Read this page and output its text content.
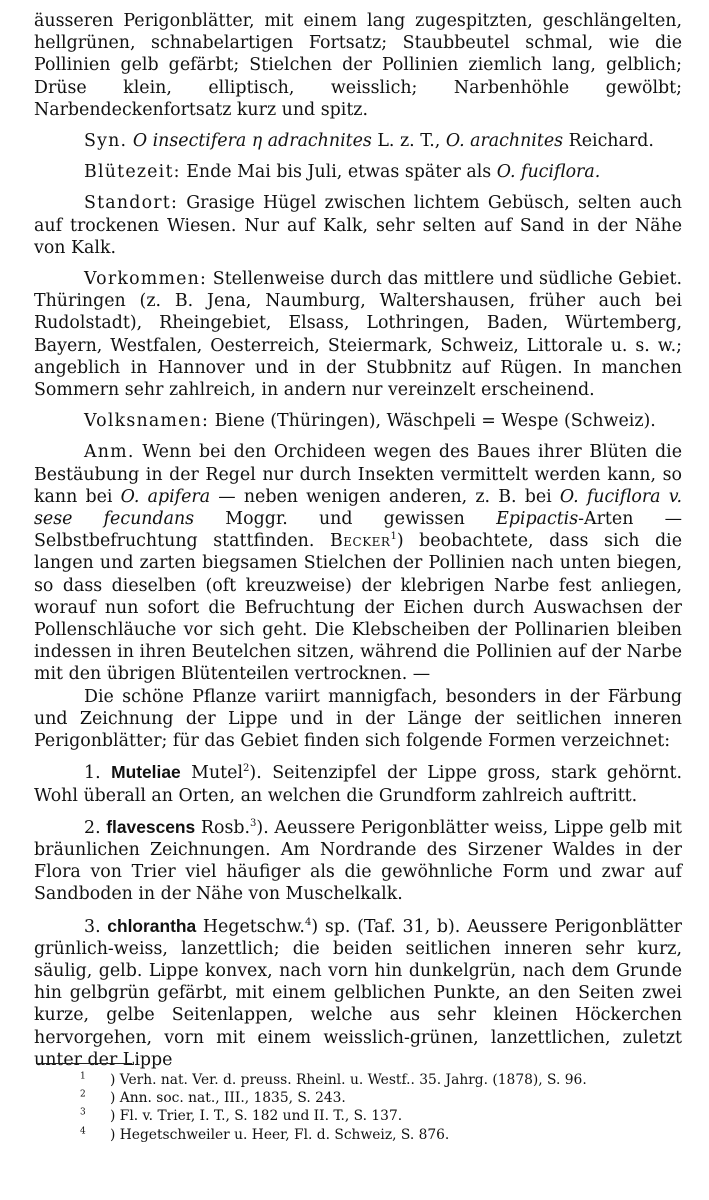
äusseren Perigonblätter, mit einem lang zugespitzten, geschlängelten, hellgrünen, schnabelartigen Fortsatz; Staubbeutel schmal, wie die Pollinien gelb gefärbt; Stielchen der Pollinien ziemlich lang, gelblich; Drüse klein, elliptisch, weisslich; Narbenhöhle gewölbt; Narbendeckenfortsatz kurz und spitz.

Syn. O insectifera η adrachnites L. z. T., O. arachnites Reichard.

Blütezeit: Ende Mai bis Juli, etwas später als O. fuciflora.

Standort: Grasige Hügel zwischen lichtem Gebüsch, selten auch auf trockenen Wiesen. Nur auf Kalk, sehr selten auf Sand in der Nähe von Kalk.

Vorkommen: Stellenweise durch das mittlere und südliche Gebiet. Thüringen (z. B. Jena, Naumburg, Waltershausen, früher auch bei Rudolstadt), Rheingebiet, Elsass, Lothringen, Baden, Würtemberg, Bayern, Westfalen, Oesterreich, Steiermark, Schweiz, Littorale u. s. w.; angeblich in Hannover und in der Stubbnitz auf Rügen. In manchen Sommern sehr zahlreich, in andern nur vereinzelt erscheinend.

Volksnamen: Biene (Thüringen), Wäschpeli = Wespe (Schweiz).

Anm. Wenn bei den Orchideen wegen des Baues ihrer Blüten die Bestäubung in der Regel nur durch Insekten vermittelt werden kann, so kann bei O. apifera — neben wenigen anderen, z. B. bei O. fuciflora v. sese fecundans Moggr. und gewissen Epipactis-Arten — Selbstbefruchtung stattfinden. Becker$^1$) beobachtete, dass sich die langen und zarten biegsamen Stielchen der Pollinien nach unten biegen, so dass dieselben (oft kreuzweise) der klebrigen Narbe fest anliegen, worauf nun sofort die Befruchtung der Eichen durch Auswachsen der Pollenschläuche vor sich geht. Die Klebscheiben der Pollinarien bleiben indessen in ihren Beutelchen sitzen, während die Pollinien auf der Narbe mit den übrigen Blütenteilen vertrocknen. —

Die schöne Pflanze variirt mannigfach, besonders in der Färbung und Zeichnung der Lippe und in der Länge der seitlichen inneren Perigonblätter; für das Gebiet finden sich folgende Formen verzeichnet:

1. Muteliae Mutel$^2$). Seitenzipfel der Lippe gross, stark gehörnt. Wohl überall an Orten, an welchen die Grundform zahlreich auftritt.

2. flavescens Rosb.$^3$). Aeussere Perigonblätter weiss, Lippe gelb mit bräunlichen Zeichnungen. Am Nordrande des Sirzener Waldes in der Flora von Trier viel häufiger als die gewöhnliche Form und zwar auf Sandboden in der Nähe von Muschelkalk.

3. chlorantha Hegetschw.$^4$) sp. (Taf. 31, b). Aeussere Perigonblätter grünlich-weiss, lanzettlich; die beiden seitlichen inneren sehr kurz, säulig, gelb. Lippe konvex, nach vorn hin dunkelgrün, nach dem Grunde hin gelbgrün gefärbt, mit einem gelblichen Punkte, an den Seiten zwei kurze, gelbe Seitenlappen, welche aus sehr kleinen Höckerchen hervorgehen, vorn mit einem weisslich-grünen, lanzettlichen, zuletzt unter der Lippe

$^1$	) Verh. nat. Ver. d. preuss. Rheinl. u. Westf.. 35. Jahrg. (1878), S. 96.
$^2$	) Ann. soc. nat., III., 1835, S. 243.
$^3$	) Fl. v. Trier, I. T., S. 182 und II. T., S. 137.
$^4$	) Hegetschweiler u. Heer, Fl. d. Schweiz, S. 876.
